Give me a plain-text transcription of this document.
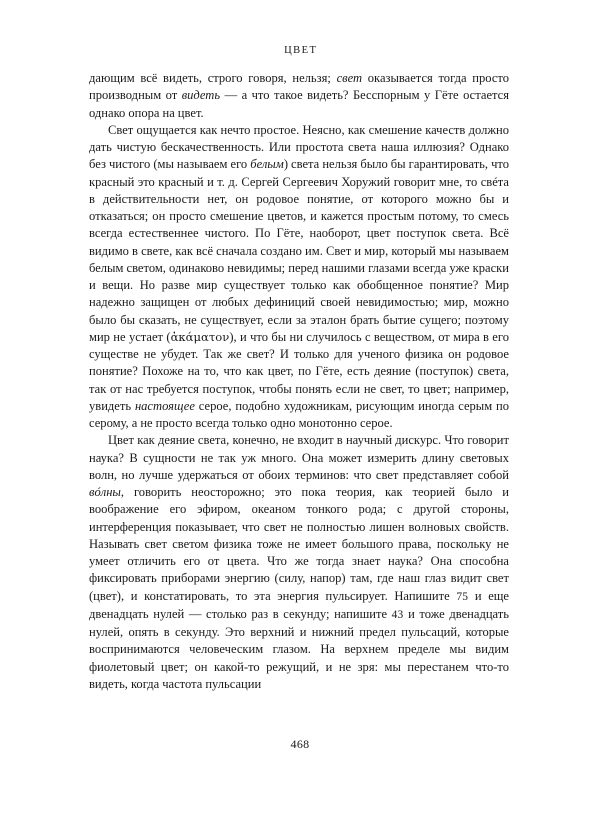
ЦВЕТ

дающим всё видеть, строго говоря, нельзя; свет оказывается тогда просто производным от видеть — а что такое видеть? Бесспорным у Гёте остается однако опора на цвет.

Свет ощущается как нечто простое. Неясно, как смешение качеств должно дать чистую бескачественность. Или простота света наша иллюзия? Однако без чистого (мы называем его белым) света нельзя было бы гарантировать, что красный это красный и т. д. Сергей Сергеевич Хоружий говорит мне, то свéта в действительности нет, он родовое понятие, от которого можно бы и отказаться; он просто смешение цветов, и кажется простым потому, то смесь всегда естественнее чистого. По Гёте, наоборот, цвет поступок света. Всё видимо в свете, как всё сначала создано им. Свет и мир, который мы называем белым светом, одинаково невидимы; перед нашими глазами всегда уже краски и вещи. Но разве мир существует только как обобщенное понятие? Мир надежно защищен от любых дефиниций своей невидимостью; мир, можно было бы сказать, не существует, если за эталон брать бытие сущего; поэтому мир не устает (ἀκάματον), и что бы ни случилось с веществом, от мира в его существе не убудет. Так же свет? И только для ученого физика он родовое понятие? Похоже на то, что как цвет, по Гёте, есть деяние (поступок) света, так от нас требуется поступок, чтобы понять если не свет, то цвет; например, увидеть настоящее серое, подобно художникам, рисующим иногда серым по серому, а не просто всегда только одно монотонно серое.

Цвет как деяние света, конечно, не входит в научный дискурс. Что говорит наука? В сущности не так уж много. Она может измерить длину световых волн, но лучше удержаться от обоих терминов: что свет представляет собой вóлны, говорить неосторожно; это пока теория, как теорией было и воображение его эфиром, океаном тонкого рода; с другой стороны, интерференция показывает, что свет не полностью лишен волновых свойств. Называть свет светом физика тоже не имеет большого права, поскольку не умеет отличить его от цвета. Что же тогда знает наука? Она способна фиксировать приборами энергию (силу, напор) там, где наш глаз видит свет (цвет), и констатировать, то эта энергия пульсирует. Напишите 75 и еще двенадцать нулей — столько раз в секунду; напишите 43 и тоже двенадцать нулей, опять в секунду. Это верхний и нижний предел пульсаций, которые воспринимаются человеческим глазом. На верхнем пределе мы видим фиолетовый цвет; он какой-то режущий, и не зря: мы перестанем что-то видеть, когда частота пульсации

468
